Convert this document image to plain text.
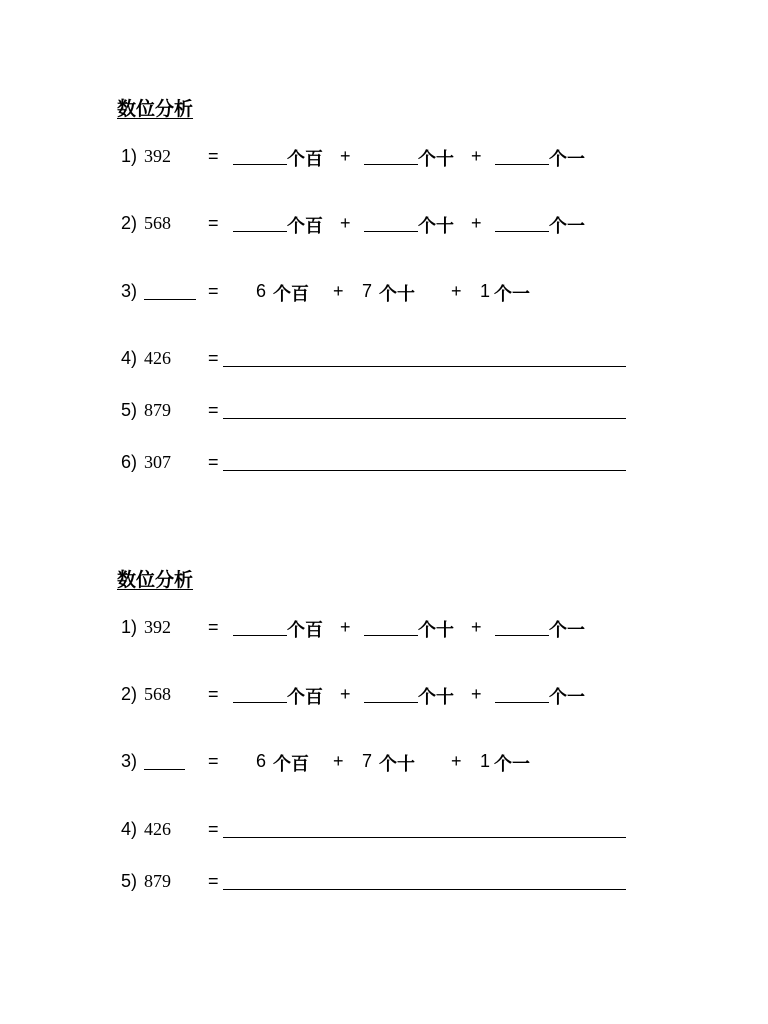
数位分析
1) 392 =	个百 +	个十 +	个一
2) 568 =	个百 +	个十 +	个一
3)	= 6 个百 + 7 个十 + 1 个一
4) 426 =
5) 879 =
6) 307 =
数位分析
1) 392 =	个百 +	个十 +	个一
2) 568 =	个百 +	个十 +	个一
3)	= 6 个百 + 7 个十 + 1 个一
4) 426 =
5) 879 =
